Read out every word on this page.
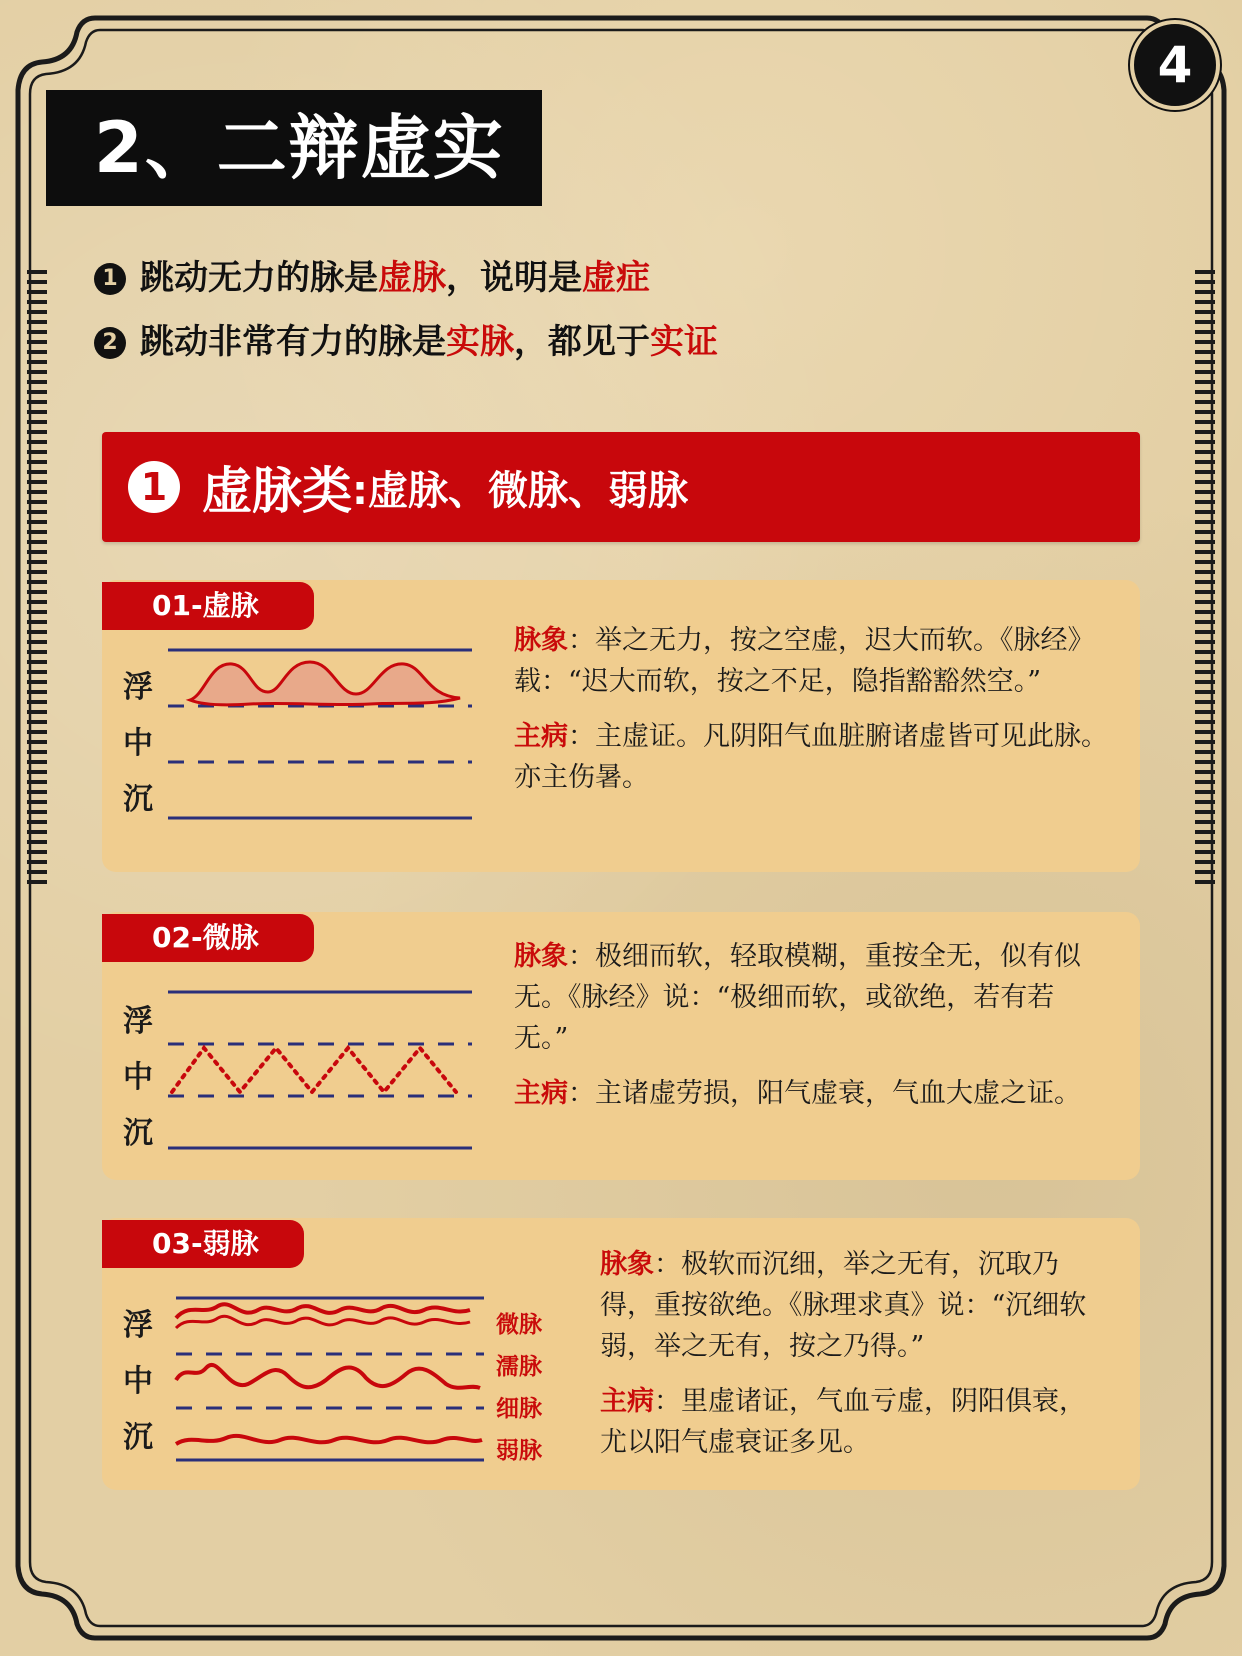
4
2、二辩虚实
1 跳动无力的脉是虚脉，说明是虚症
2 跳动非常有力的脉是实脉，都见于实证
1 虚脉类 :虚脉、微脉、弱脉
01-虚脉
浮
中
沉

脉象：举之无力，按之空虚，迟大而软。《脉经》载：“迟大而软，按之不足，隐指豁豁然空。”

主病：主虚证。凡阴阳气血脏腑诸虚皆可见此脉。亦主伤暑。

02-微脉
浮
中
沉

脉象：极细而软，轻取模糊，重按全无，似有似无。《脉经》说：“极细而软，或欲绝，若有若无。”

主病：主诸虚劳损，阳气虚衰，气血大虚之证。

03-弱脉
浮
中
沉
微脉
濡脉
细脉
弱脉

脉象：极软而沉细，举之无有，沉取乃得，重按欲绝。《脉理求真》说：“沉细软弱，举之无有，按之乃得。”

主病：里虚诸证，气血亏虚，阴阳俱衰，尤以阳气虚衰证多见。
